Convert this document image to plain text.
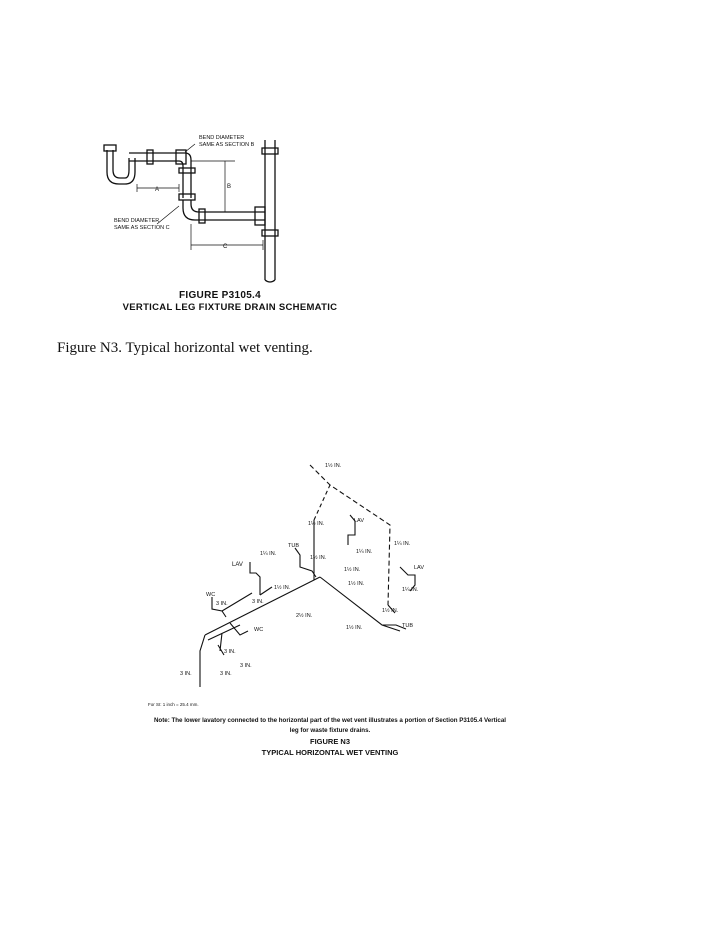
BEND DIAMETER
SAME AS SECTION B
BEND DIAMETER
SAME AS SECTION C
A	B
C
FIGURE P3105.4
VERTICAL LEG FIXTURE DRAIN SCHEMATIC
Figure N3. Typical horizontal wet venting.
1½ IN.
1½ IN.
1¼ IN.
LAV
1¼ IN.
TUB
1½ IN.
1½ IN.
LAV
1¼ IN.
1½ IN.
WC
3 IN.	3 IN.
2½ IN.
1½ IN.
WC
3 IN.
3 IN.
3 IN.
3 IN.
LAV
1¼ IN.
1½ IN.
TUB
1½ IN.
For SI: 1 inch = 25.4 mm.
Note: The lower lavatory connected to the horizontal part of the wet vent illustrates a portion of Section P3105.4 Vertical
leg for waste fixture drains.
FIGURE N3
TYPICAL HORIZONTAL WET VENTING
